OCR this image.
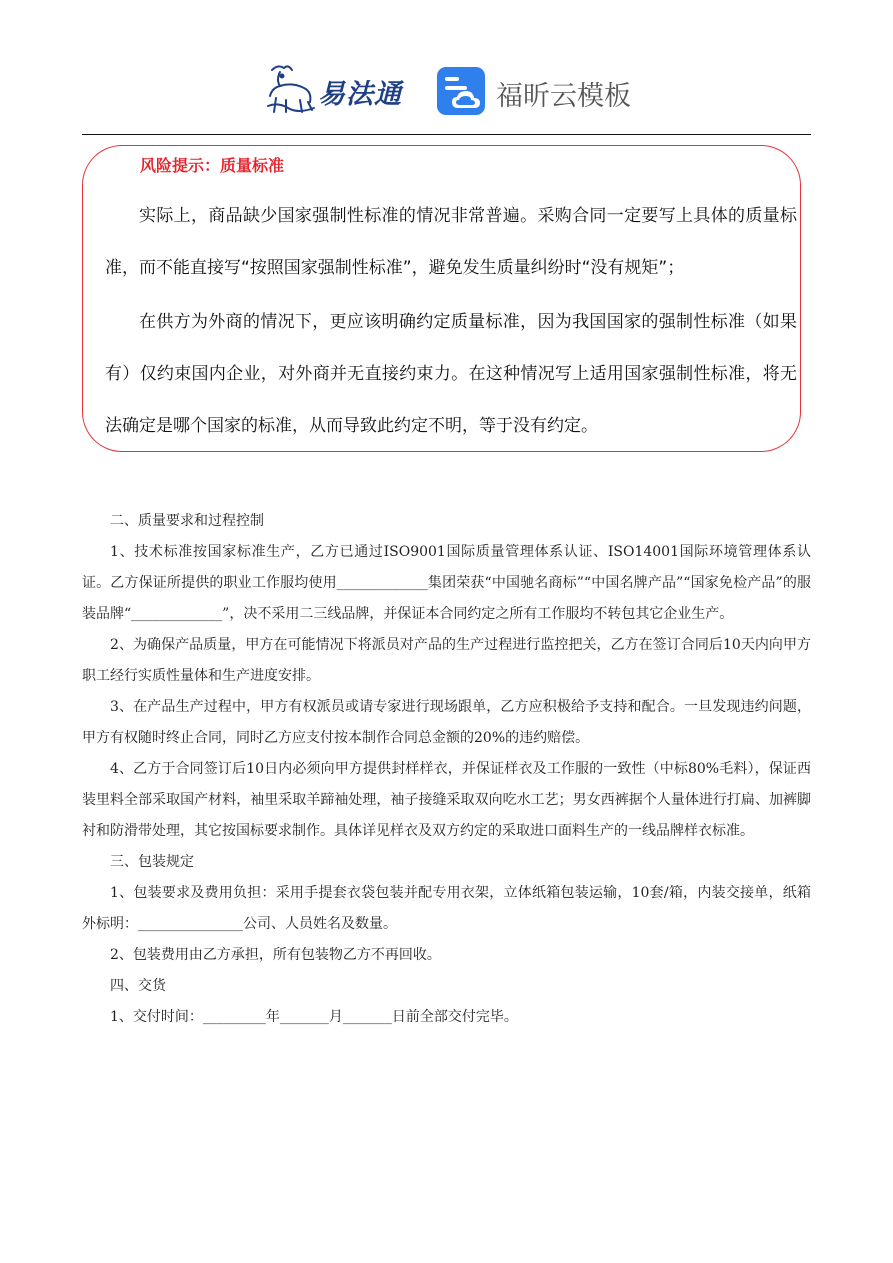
易法通	福昕云模板
风险提示：质量标准

实际上，商品缺少国家强制性标准的情况非常普遍。采购合同一定要写上具体的质量标准，而不能直接写“按照国家强制性标准”，避免发生质量纠纷时“没有规矩”；

在供方为外商的情况下，更应该明确约定质量标准，因为我国国家的强制性标准（如果有）仅约束国内企业，对外商并无直接约束力。在这种情况写上适用国家强制性标准，将无法确定是哪个国家的标准，从而导致此约定不明，等于没有约定。

二、质量要求和过程控制

1、技术标准按国家标准生产，乙方已通过ISO9001国际质量管理体系认证、ISO14001国际环境管理体系认证。乙方保证所提供的职业工作服均使用_____________集团荣获“中国驰名商标”“中国名牌产品”“国家免检产品”的服装品牌“_____________”，决不采用二三线品牌，并保证本合同约定之所有工作服均不转包其它企业生产。

2、为确保产品质量，甲方在可能情况下将派员对产品的生产过程进行监控把关，乙方在签订合同后10天内向甲方职工经行实质性量体和生产进度安排。

3、在产品生产过程中，甲方有权派员或请专家进行现场跟单，乙方应积极给予支持和配合。一旦发现违约问题，甲方有权随时终止合同，同时乙方应支付按本制作合同总金额的20%的违约赔偿。

4、乙方于合同签订后10日内必须向甲方提供封样样衣，并保证样衣及工作服的一致性（中标80%毛料），保证西装里料全部采取国产材料，袖里采取羊蹄袖处理，袖子接缝采取双向吃水工艺；男女西裤据个人量体进行打扁、加裤脚衬和防滑带处理，其它按国标要求制作。具体详见样衣及双方约定的采取进口面料生产的一线品牌样衣标准。

三、包装规定

1、包装要求及费用负担：采用手提套衣袋包装并配专用衣架，立体纸箱包装运输，10套/箱，内装交接单，纸箱外标明：_______________公司、人员姓名及数量。

2、包装费用由乙方承担，所有包装物乙方不再回收。

四、交货

1、交付时间：_________年_______月_______日前全部交付完毕。
